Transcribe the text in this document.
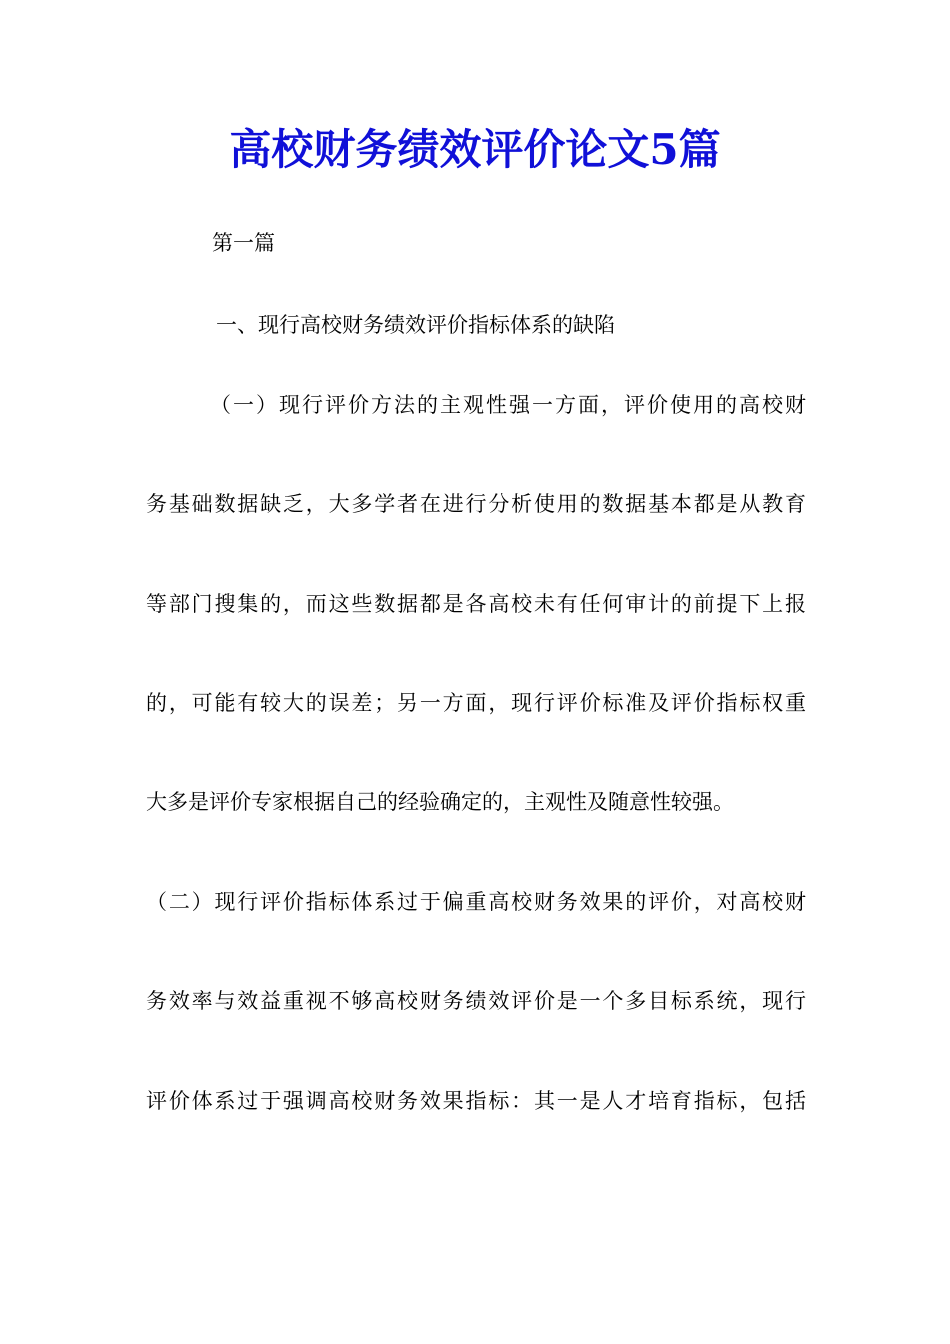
高校财务绩效评价论文5篇
第一篇
一、现行高校财务绩效评价指标体系的缺陷
（一）现行评价方法的主观性强一方面，评价使用的高校财
务基础数据缺乏，大多学者在进行分析使用的数据基本都是从教育
等部门搜集的，而这些数据都是各高校未有任何审计的前提下上报
的，可能有较大的误差；另一方面，现行评价标准及评价指标权重
大多是评价专家根据自己的经验确定的，主观性及随意性较强。
（二）现行评价指标体系过于偏重高校财务效果的评价，对高校财
务效率与效益重视不够高校财务绩效评价是一个多目标系统，现行
评价体系过于强调高校财务效果指标：其一是人才培育指标，包括
